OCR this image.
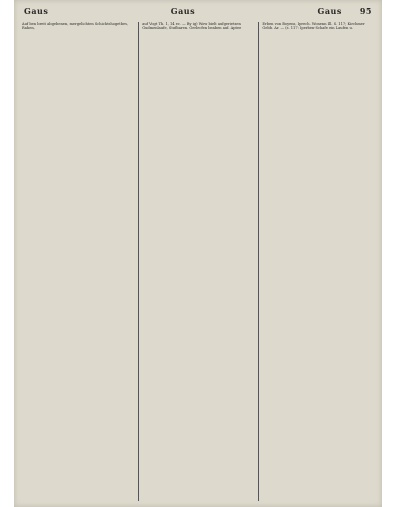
Gaus	Gaus	Gaus 95
Auf ben breit abgebenen, mergelichten Schichtshogetbes,
Rahen,
auf Vogt Th. 1, 14 ec. — By ig) Wow bielt aufgerietzen
Gudmenlaufe, Stufbaren. Gerlecfen beaben auf. Aptee
Erben von Boyens, Iprech. Wonenn Ill. S. 117; Kirchmer
Gebb. Ar. — (s. 117: Iperben-Schafe ein Laufen u.
